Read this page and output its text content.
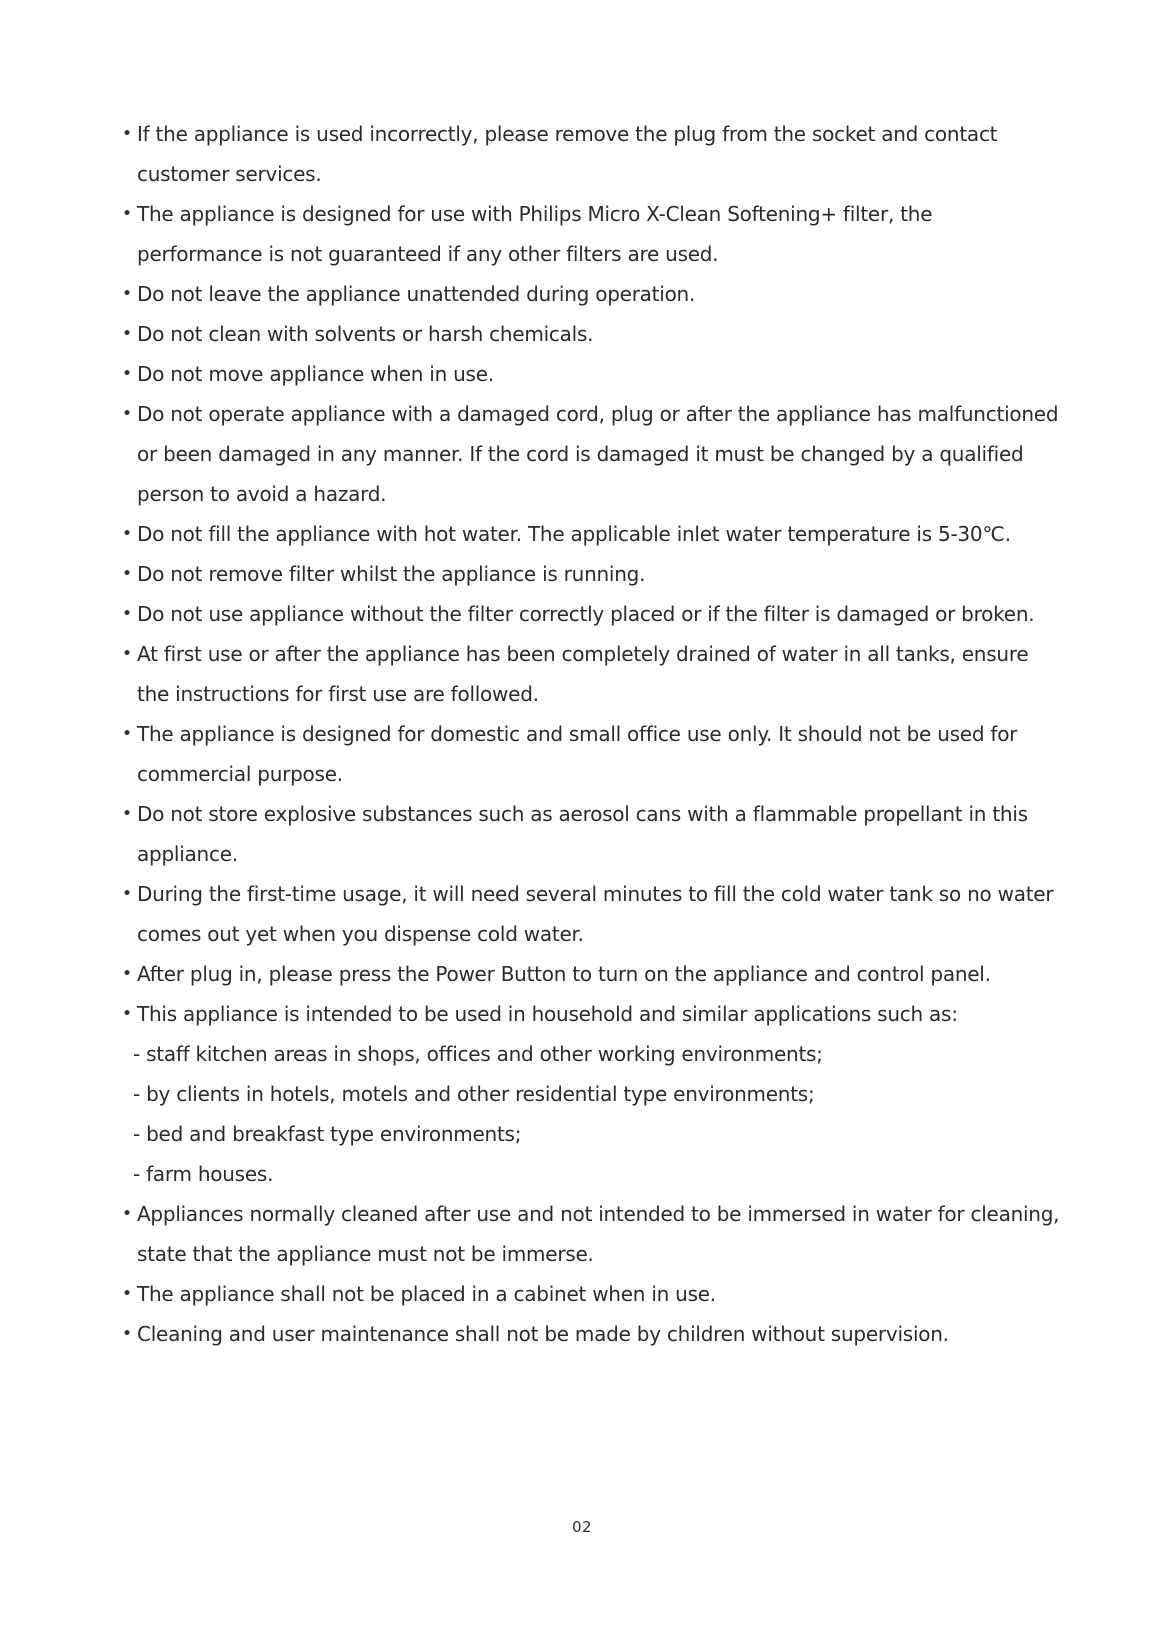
• If the appliance is used incorrectly, please remove the plug from the socket and contact customer services.
• The appliance is designed for use with Philips Micro X-Clean Softening+ filter, the performance is not guaranteed if any other filters are used.
• Do not leave the appliance unattended during operation.
• Do not clean with solvents or harsh chemicals.
• Do not move appliance when in use.
• Do not operate appliance with a damaged cord, plug or after the appliance has malfunctioned or been damaged in any manner. If the cord is damaged it must be changed by a qualified person to avoid a hazard.
• Do not fill the appliance with hot water. The applicable inlet water temperature is 5-30℃.
• Do not remove filter whilst the appliance is running.
• Do not use appliance without the filter correctly placed or if the filter is damaged or broken.
• At first use or after the appliance has been completely drained of water in all tanks, ensure the instructions for first use are followed.
• The appliance is designed for domestic and small office use only. It should not be used for commercial purpose.
• Do not store explosive substances such as aerosol cans with a flammable propellant in this appliance.
• During the first-time usage, it will need several minutes to fill the cold water tank so no water comes out yet when you dispense cold water.
• After plug in, please press the Power Button to turn on the appliance and control panel.
• This appliance is intended to be used in household and similar applications such as:
- staff kitchen areas in shops, offices and other working environments;
- by clients in hotels, motels and other residential type environments;
- bed and breakfast type environments;
- farm houses.
• Appliances normally cleaned after use and not intended to be immersed in water for cleaning, state that the appliance must not be immerse.
• The appliance shall not be placed in a cabinet when in use.
• Cleaning and user maintenance shall not be made by children without supervision.
02
